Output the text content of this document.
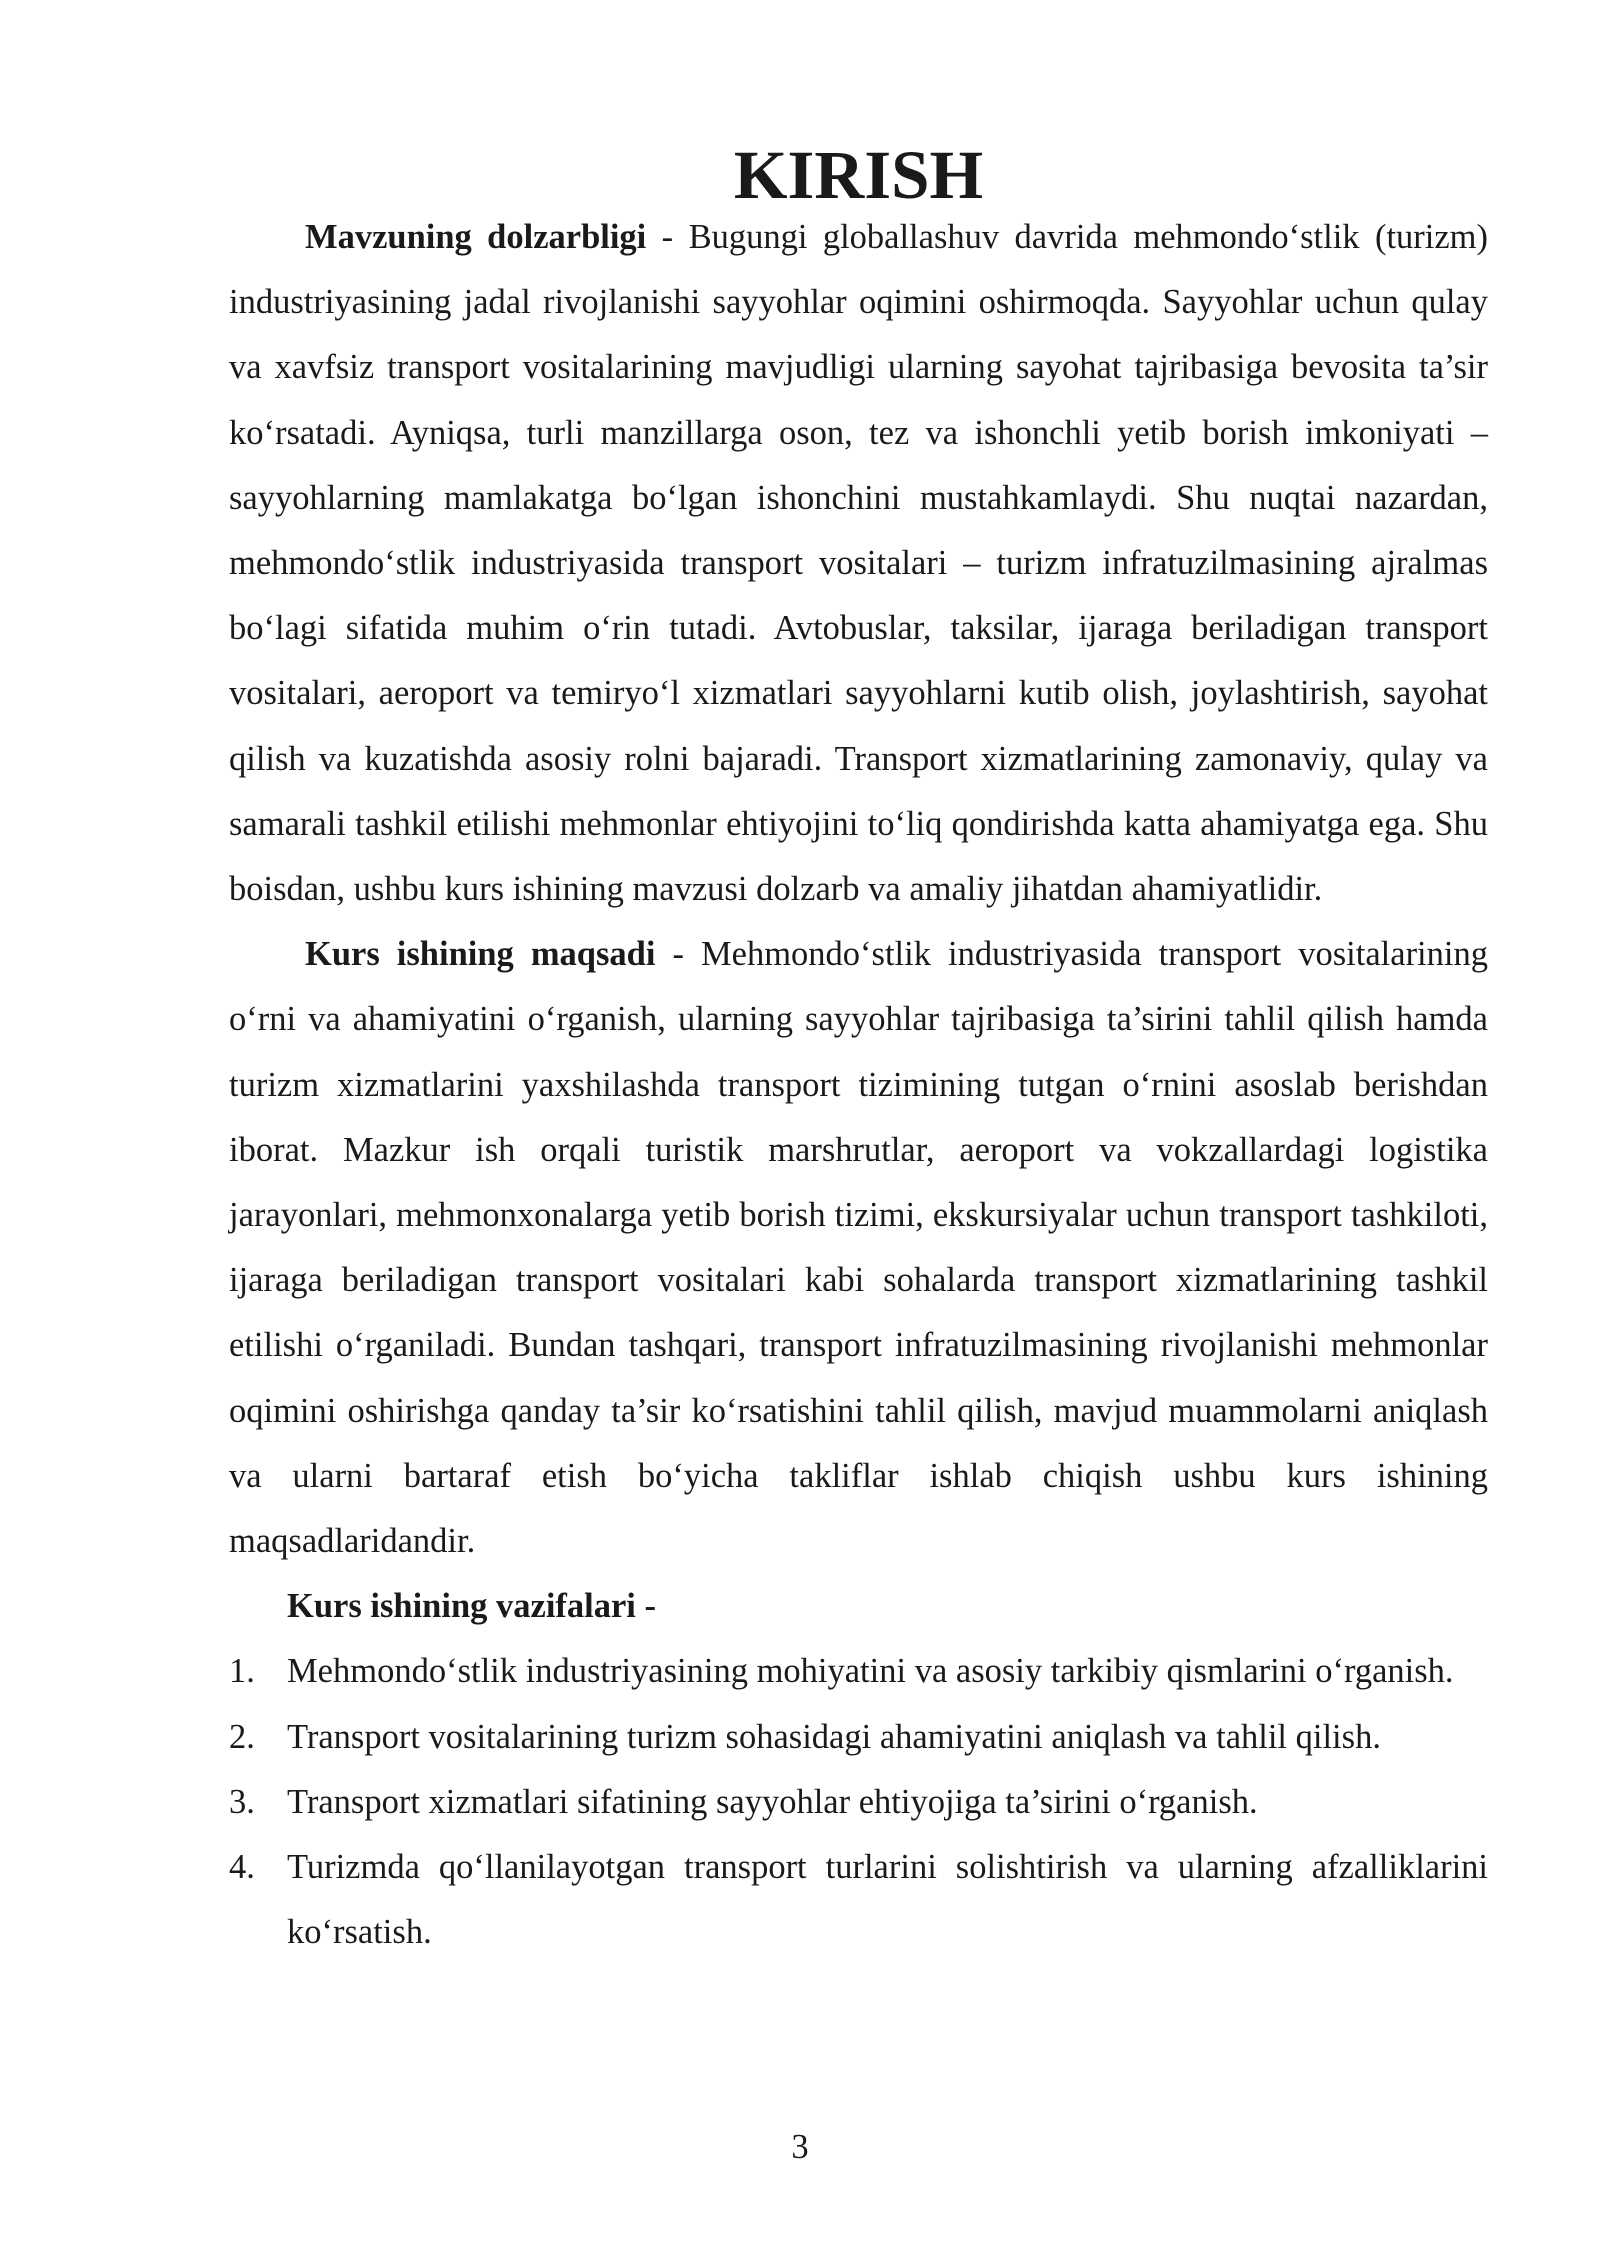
KIRISH

Mavzuning dolzarbligi - Bugungi globallashuv davrida mehmondo‘stlik (turizm) industriyasining jadal rivojlanishi sayyohlar oqimini oshirmoqda. Sayyohlar uchun qulay va xavfsiz transport vositalarining mavjudligi ularning sayohat tajribasiga bevosita ta’sir ko‘rsatadi. Ayniqsa, turli manzillarga oson, tez va ishonchli yetib borish imkoniyati – sayyohlarning mamlakatga bo‘lgan ishonchini mustahkamlaydi. Shu nuqtai nazardan, mehmondo‘stlik industriyasida transport vositalari – turizm infratuzilmasining ajralmas bo‘lagi sifatida muhim o‘rin tutadi. Avtobuslar, taksilar, ijaraga beriladigan transport vositalari, aeroport va temiryo‘l xizmatlari sayyohlarni kutib olish, joylashtirish, sayohat qilish va kuzatishda asosiy rolni bajaradi. Transport xizmatlarining zamonaviy, qulay va samarali tashkil etilishi mehmonlar ehtiyojini to‘liq qondirishda katta ahamiyatga ega. Shu boisdan, ushbu kurs ishining mavzusi dolzarb va amaliy jihatdan ahamiyatlidir.

Kurs ishining maqsadi - Mehmondo‘stlik industriyasida transport vositalarining o‘rni va ahamiyatini o‘rganish, ularning sayyohlar tajribasiga ta’sirini tahlil qilish hamda turizm xizmatlarini yaxshilashda transport tizimining tutgan o‘rnini asoslab berishdan iborat. Mazkur ish orqali turistik marshrutlar, aeroport va vokzallardagi logistika jarayonlari, mehmonxonalarga yetib borish tizimi, ekskursiyalar uchun transport tashkiloti, ijaraga beriladigan transport vositalari kabi sohalarda transport xizmatlarining tashkil etilishi o‘rganiladi. Bundan tashqari, transport infratuzilmasining rivojlanishi mehmonlar oqimini oshirishga qanday ta’sir ko‘rsatishini tahlil qilish, mavjud muammolarni aniqlash va ularni bartaraf etish bo‘yicha takliflar ishlab chiqish ushbu kurs ishining maqsadlaridandir.

Kurs ishining vazifalari -

1. Mehmondo‘stlik industriyasining mohiyatini va asosiy tarkibiy qismlarini o‘rganish.
2. Transport vositalarining turizm sohasidagi ahamiyatini aniqlash va tahlil qilish.
3. Transport xizmatlari sifatining sayyohlar ehtiyojiga ta’sirini o‘rganish.
4. Turizmda qo‘llanilayotgan transport turlarini solishtirish va ularning afzalliklarini ko‘rsatish.
3
